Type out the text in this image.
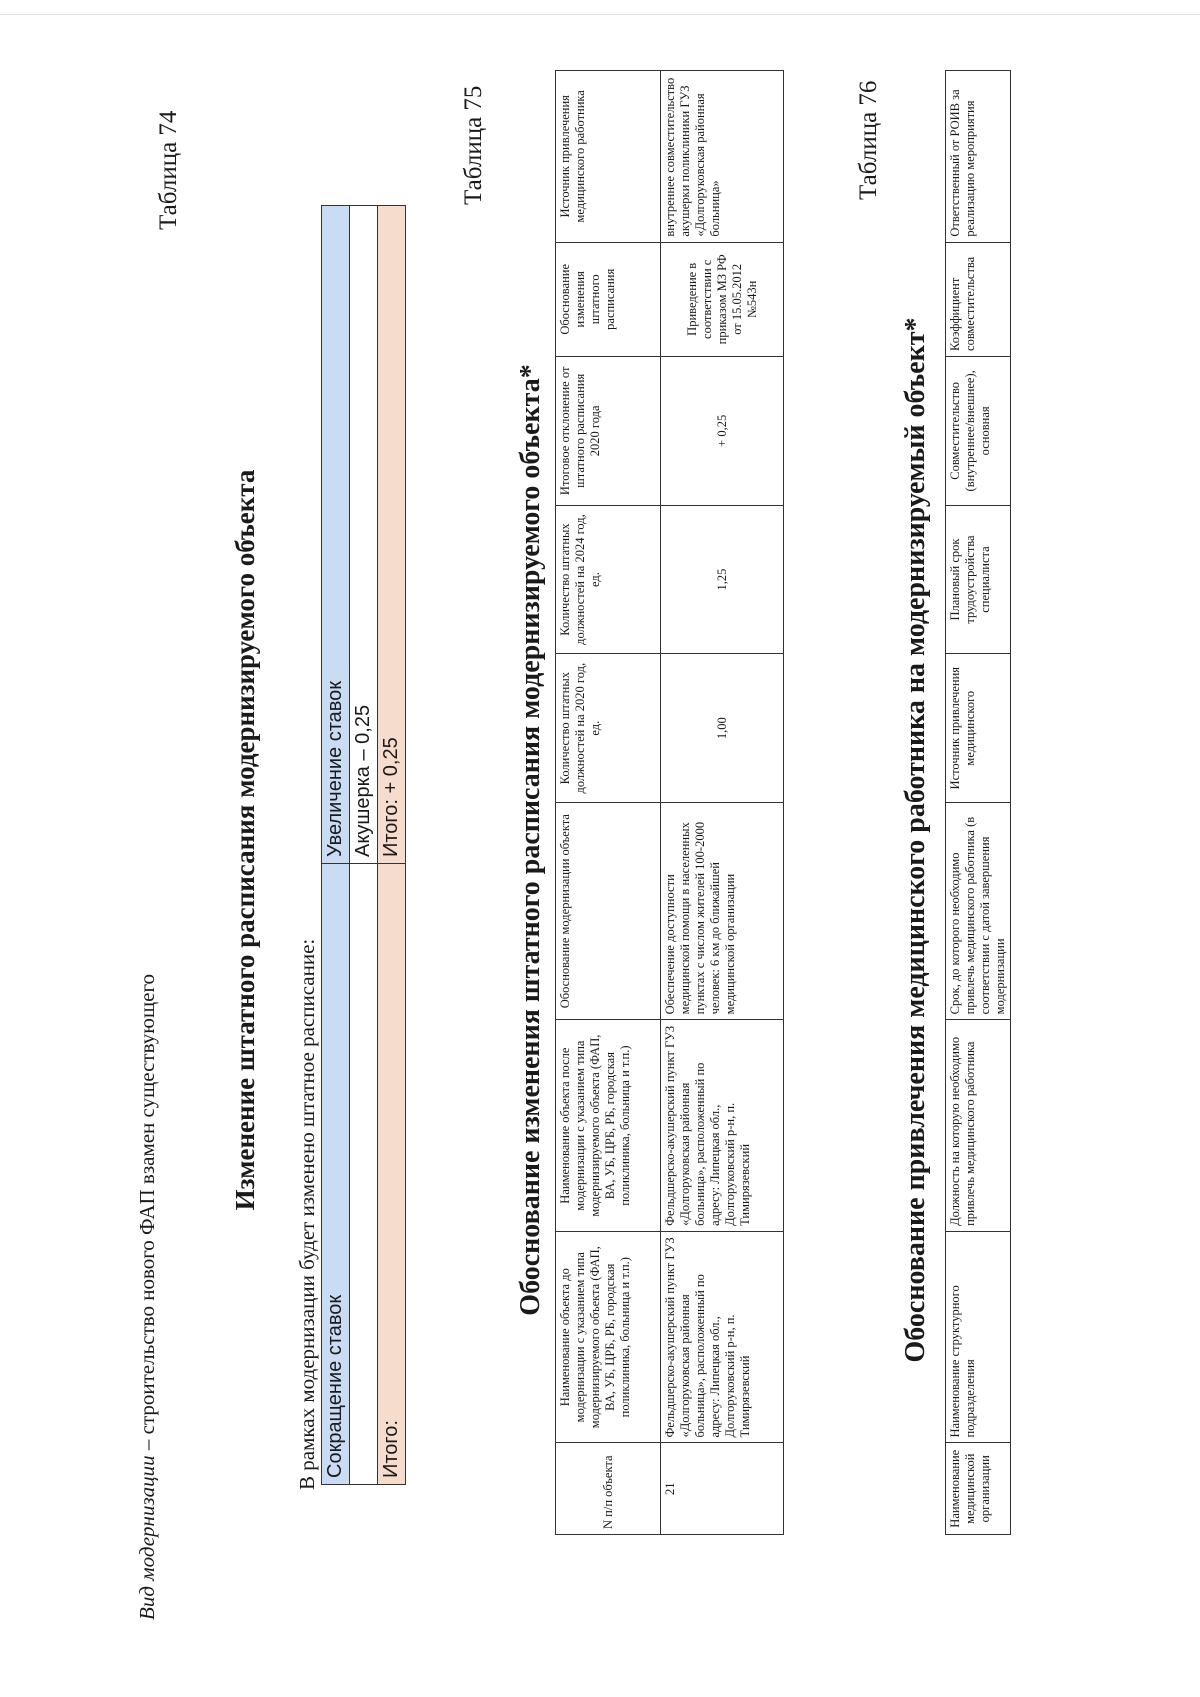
Вид модернизации – строительство нового ФАП взамен существующего
Таблица 74
Изменение штатного расписания модернизируемого объекта
В рамках модернизации будет изменено штатное расписание: Сокращение ставок	Увеличение ставок
	Акушерка – 0,25
Итого:	Итого: + 0,25
Таблица 75
Обоснование изменения штатного расписания модернизируемого объекта*
N п/п объекта	Наименование объекта до модернизации с указанием типа модернизируемого объекта (ФАП, ВА, УБ, ЦРБ, РБ, городская поликлиника, больница и т.п.)	Наименование объекта после модернизации с указанием типа модернизируемого объекта (ФАП, ВА, УБ, ЦРБ, РБ, городская поликлиника, больница и т.п.)	Обоснование модернизации объекта	Количество штатных должностей на 2020 год, ед.	Количество штатных должностей на 2024 год, ед.	Итоговое отклонение от штатного расписания 2020 года	Обоснование изменения штатного расписания	Источник привлечения медицинского работника
21	Фельдшерско-акушерский пункт ГУЗ «Долгоруковская районная больница», расположенный по адресу: Липецкая обл., Долгоруковский р-н, п. Тимирязевский	Фельдшерско-акушерский пункт ГУЗ «Долгоруковская районная больница», расположенный по адресу: Липецкая обл., Долгоруковский р-н, п. Тимирязевский	Обеспечение доступности медицинской помощи в населенных пунктах с числом жителей 100-2000 человек: 6 км до ближайшей медицинской организации	1,00	1,25	+ 0,25	Приведение в соответствии с приказом МЗ РФ от 15.05.2012 №543н	внутреннее совместительство акушерки поликлиники ГУЗ «Долгоруковская районная больница»
Таблица 76
Обоснование привлечения медицинского работника на модернизируемый объект*
Наименование медицинской организации	Наименование структурного подразделения	Должность на которую необходимо привлечь медицинского работника	Срок, до которого необходимо привлечь медицинского работника (в соответствии с датой завершения модернизации	Источник привлечения медицинского	Плановый срок трудоустройства специалиста	Совместительство (внутреннее/внешнее), основная	Коэффициент совместительства	Ответственный от РОИВ за реализацию мероприятия
